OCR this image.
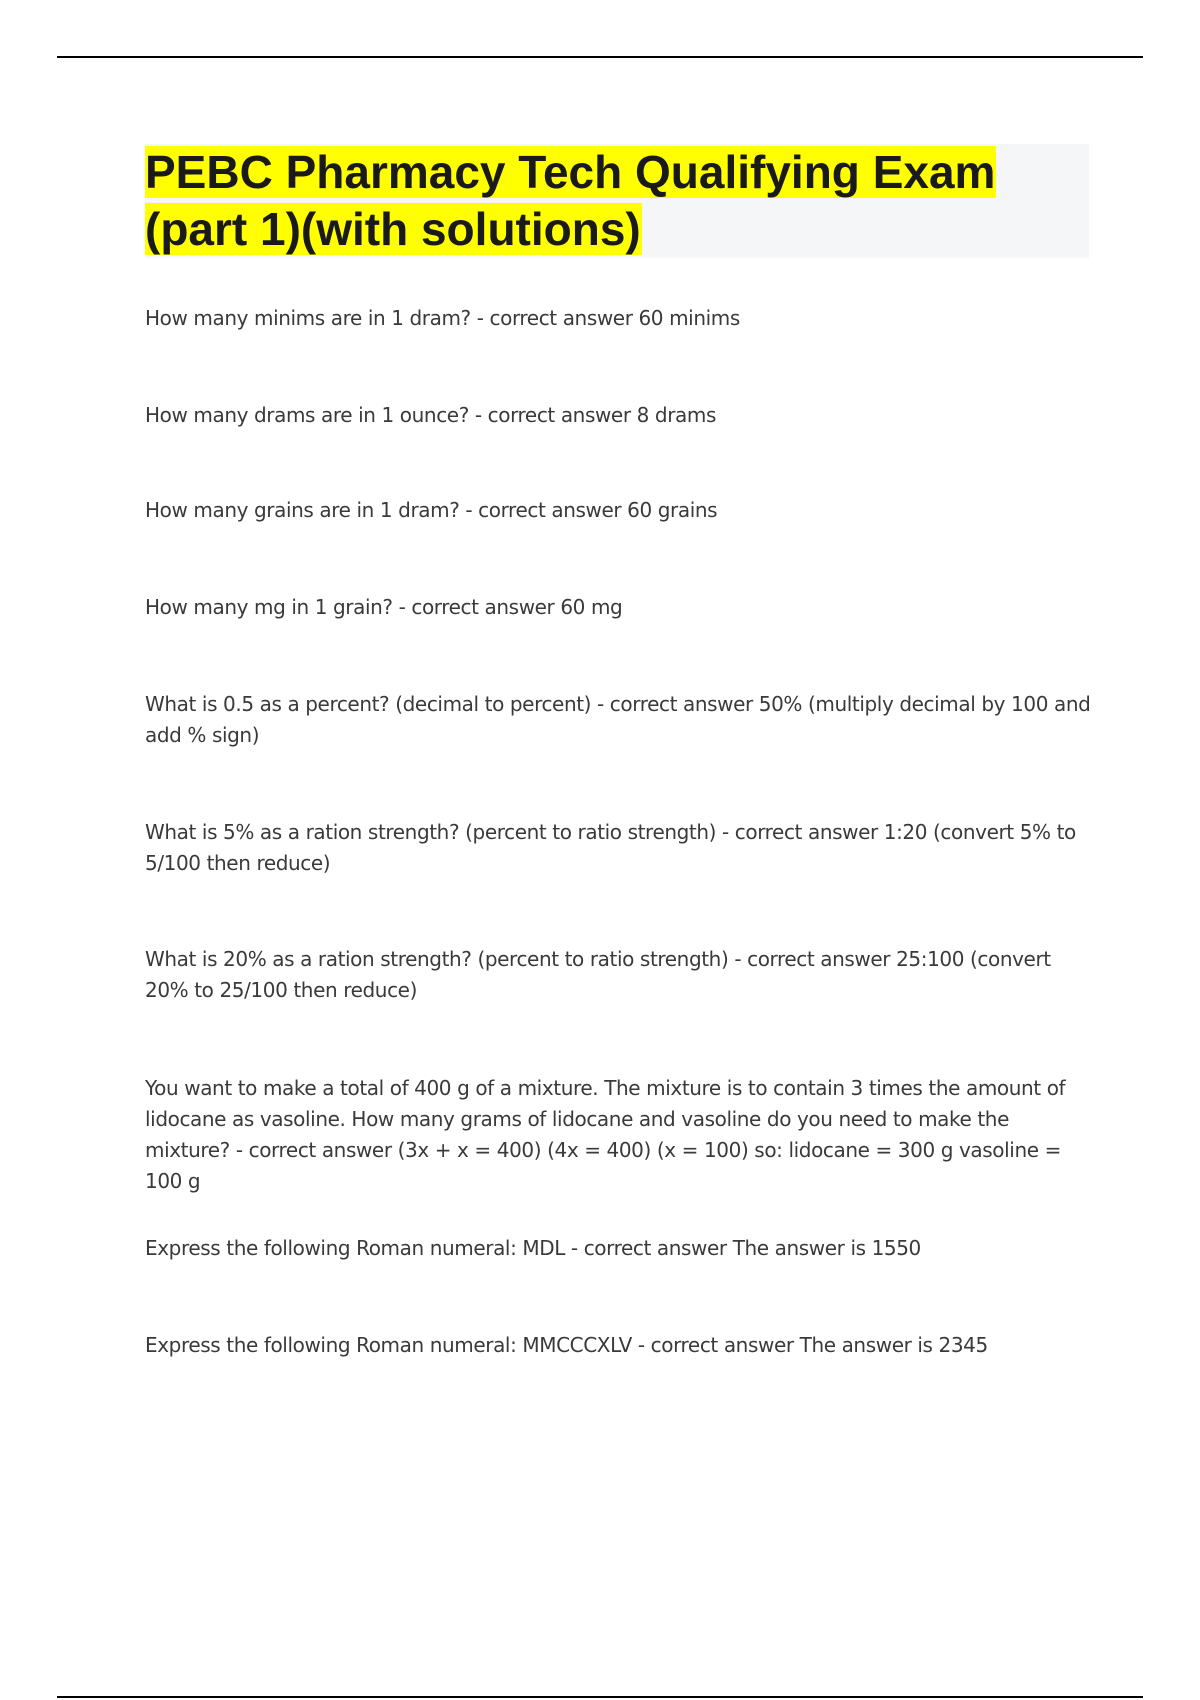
PEBC Pharmacy Tech Qualifying Exam
(part 1)(with solutions)

How many minims are in 1 dram? - correct answer 60 minims

How many drams are in 1 ounce? - correct answer 8 drams

How many grains are in 1 dram? - correct answer 60 grains

How many mg in 1 grain? - correct answer 60 mg

What is 0.5 as a percent? (decimal to percent) - correct answer 50% (multiply decimal by 100 and add % sign)

What is 5% as a ration strength? (percent to ratio strength) - correct answer 1:20 (convert 5% to 5/100 then reduce)

What is 20% as a ration strength? (percent to ratio strength) - correct answer 25:100 (convert 20% to 25/100 then reduce)

You want to make a total of 400 g of a mixture. The mixture is to contain 3 times the amount of lidocane as vasoline. How many grams of lidocane and vasoline do you need to make the mixture? - correct answer (3x + x = 400) (4x = 400) (x = 100) so: lidocane = 300 g vasoline = 100 g

Express the following Roman numeral: MDL - correct answer The answer is 1550

Express the following Roman numeral: MMCCCXLV - correct answer The answer is 2345
